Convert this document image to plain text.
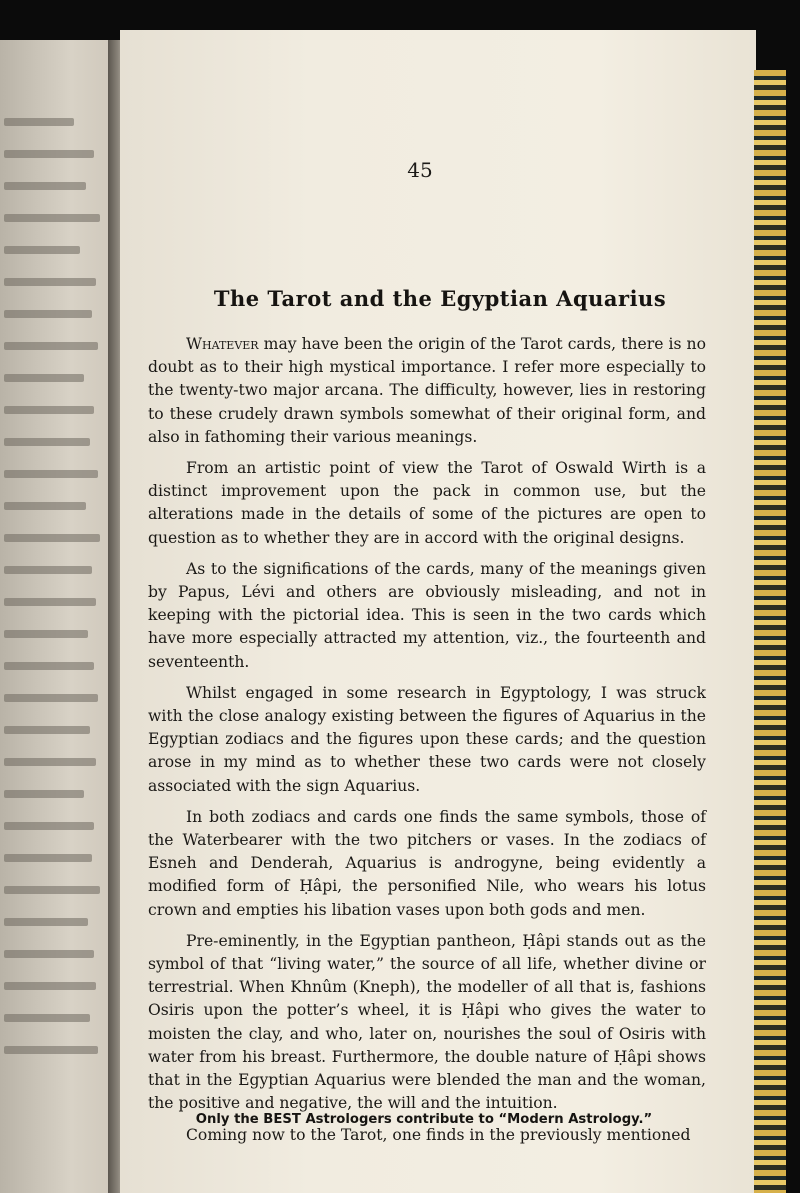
45
The Tarot and the Egyptian Aquarius

Whatever may have been the origin of the Tarot cards, there is no doubt as to their high mystical importance. I refer more especially to the twenty-two major arcana. The difficulty, however, lies in restoring to these crudely drawn symbols somewhat of their original form, and also in fathoming their various meanings.

From an artistic point of view the Tarot of Oswald Wirth is a distinct improvement upon the pack in common use, but the alterations made in the details of some of the pictures are open to question as to whether they are in accord with the original designs.

As to the significations of the cards, many of the meanings given by Papus, Lévi and others are obviously misleading, and not in keeping with the pictorial idea. This is seen in the two cards which have more especially attracted my attention, viz., the fourteenth and seventeenth.

Whilst engaged in some research in Egyptology, I was struck with the close analogy existing between the figures of Aquarius in the Egyptian zodiacs and the figures upon these cards; and the question arose in my mind as to whether these two cards were not closely associated with the sign Aquarius.

In both zodiacs and cards one finds the same symbols, those of the Waterbearer with the two pitchers or vases. In the zodiacs of Esneh and Denderah, Aquarius is androgyne, being evidently a modified form of Ḥâpi, the personified Nile, who wears his lotus crown and empties his libation vases upon both gods and men.

Pre-eminently, in the Egyptian pantheon, Ḥâpi stands out as the symbol of that “living water,” the source of all life, whether divine or terrestrial. When Khnûm (Kneph), the modeller of all that is, fashions Osiris upon the potter’s wheel, it is Ḥâpi who gives the water to moisten the clay, and who, later on, nourishes the soul of Osiris with water from his breast. Furthermore, the double nature of Ḥâpi shows that in the Egyptian Aquarius were blended the man and the woman, the positive and negative, the will and the intuition.

Coming now to the Tarot, one finds in the previously mentioned

Only the BEST Astrologers contribute to “Modern Astrology.”
